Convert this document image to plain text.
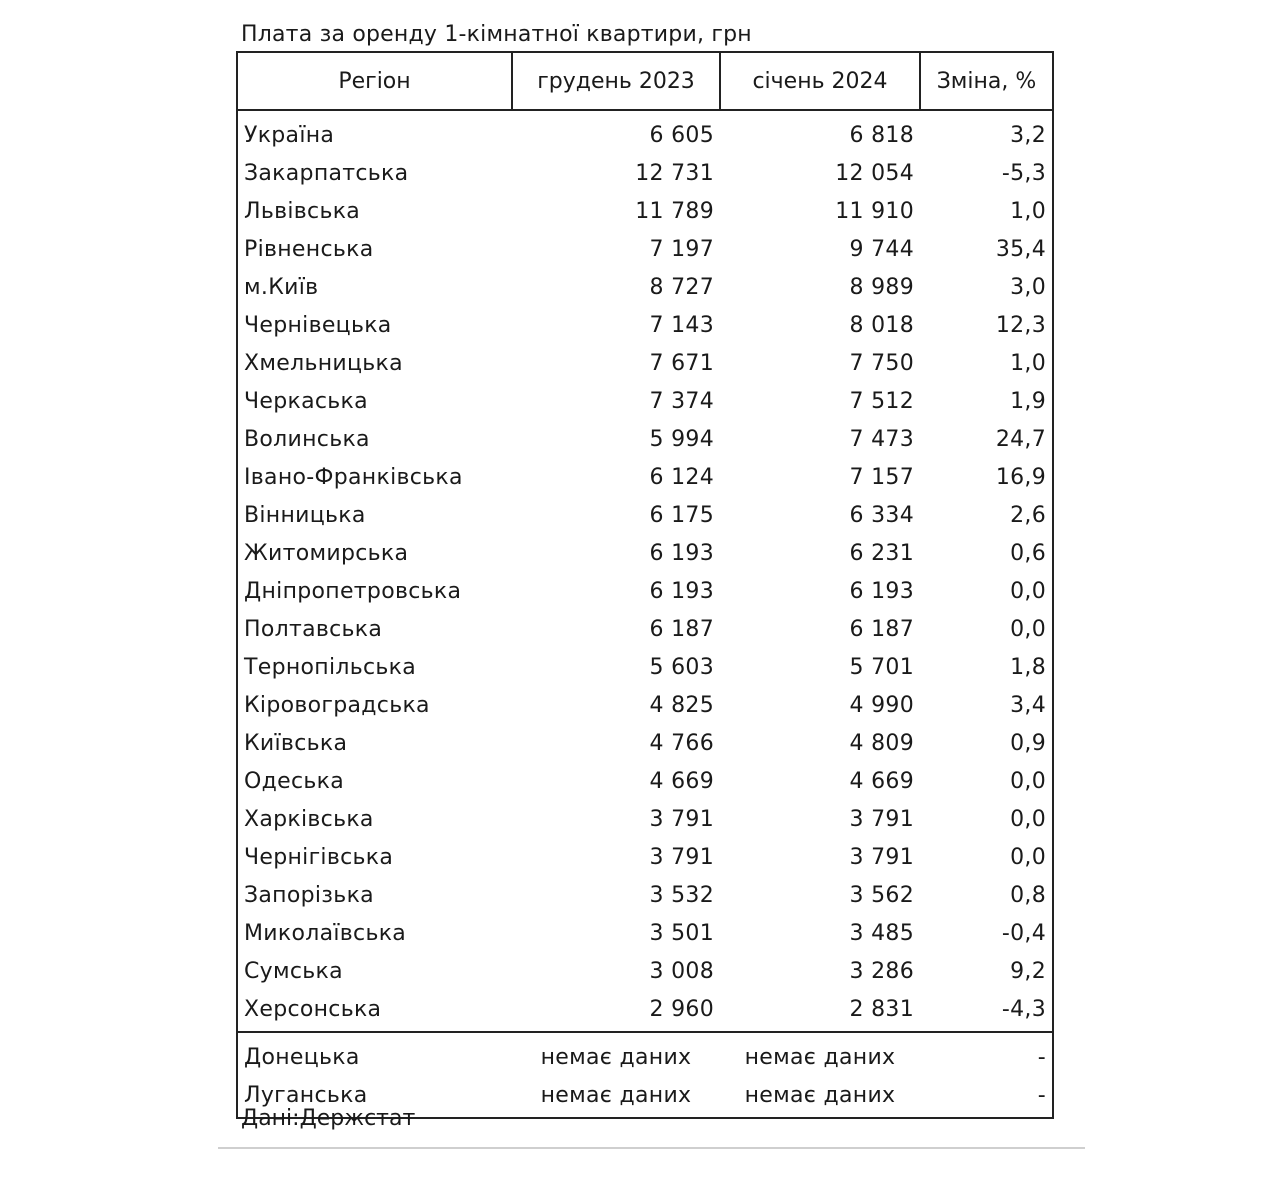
Плата за оренду 1-кімнатної квартири, грн
Регіон	грудень 2023	січень 2024	Зміна, %
Україна	6 605	6 818	3,2
Закарпатська	12 731	12 054	-5,3
Львівська	11 789	11 910	1,0
Рівненська	7 197	9 744	35,4
м.Київ	8 727	8 989	3,0
Чернівецька	7 143	8 018	12,3
Хмельницька	7 671	7 750	1,0
Черкаська	7 374	7 512	1,9
Волинська	5 994	7 473	24,7
Івано-Франківська	6 124	7 157	16,9
Вінницька	6 175	6 334	2,6
Житомирська	6 193	6 231	0,6
Дніпропетровська	6 193	6 193	0,0
Полтавська	6 187	6 187	0,0
Тернопільська	5 603	5 701	1,8
Кіровоградська	4 825	4 990	3,4
Київська	4 766	4 809	0,9
Одеська	4 669	4 669	0,0
Харківська	3 791	3 791	0,0
Чернігівська	3 791	3 791	0,0
Запорізька	3 532	3 562	0,8
Миколаївська	3 501	3 485	-0,4
Сумська	3 008	3 286	9,2
Херсонська	2 960	2 831	-4,3
Донецька	немає даних	немає даних	-
Луганська	немає даних	немає даних	-
Дані:Держстат
